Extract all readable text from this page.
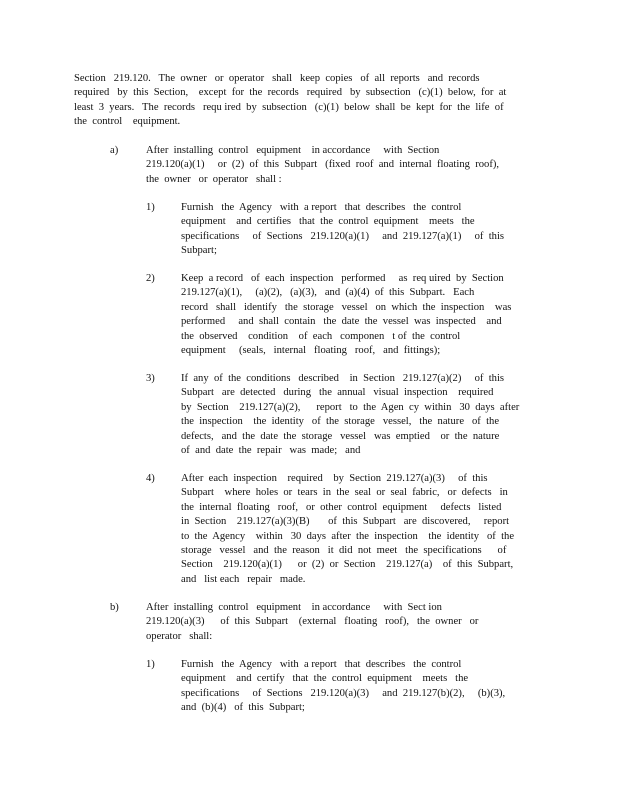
Section   219.120.   The  owner   or  operator   shall   keep  copies   of  all  reports   and  records
required   by  this  Section,    except  for  the  records   required   by  subsection   (c)(1)  below,  for  at
least  3  years.   The  records   requ ired  by  subsection   (c)(1)  below  shall  be  kept  for  the  life  of
the  control    equipment.
a)	After  installing  control   equipment    in accordance     with  Section
219.120(a)(1)     or  (2)  of  this  Subpart   (fixed  roof  and  internal  floating  roof),
the  owner   or  operator   shall :
1) Furnish   the  Agency   with  a report   that  describes   the  control
equipment    and  certifies   that  the  control  equipment    meets   the
specifications     of  Sections   219.120(a)(1)     and  219.127(a)(1)     of  this
Subpart;
2) Keep  a record   of  each  inspection   performed     as  req uired  by  Section
219.127(a)(1),     (a)(2),   (a)(3),   and  (a)(4)  of  this  Subpart.   Each
record   shall   identify   the  storage   vessel   on  which  the  inspection    was
performed     and  shall  contain   the  date  the  vessel  was  inspected    and
the  observed    condition    of  each   componen   t of  the  control
equipment     (seals,   internal   floating   roof,   and  fittings);
3) If  any  of  the  conditions   described    in  Section   219.127(a)(2)     of  this
Subpart   are  detected   during   the  annual   visual  inspection    required
by  Section    219.127(a)(2),      report   to  the  Agen  cy  within   30  days  after
the  inspection    the  identity   of  the  storage   vessel,   the  nature   of  the
defects,   and  the  date  the  storage   vessel   was  emptied    or  the  nature
of  and  date  the  repair   was  made;   and
4) After  each  inspection    required    by  Section  219.127(a)(3)     of  this
Subpart    where  holes  or  tears  in  the  seal  or  seal  fabric,   or  defects   in
the  internal  floating   roof,   or  other  control  equipment     defects   listed
in  Section    219.127(a)(3)(B)       of  this  Subpart   are  discovered,     report
to  the  Agency    within   30  days  after  the  inspection    the  identity   of  the
storage   vessel   and  the  reason   it  did  not  meet   the  specifications      of
Section    219.120(a)(1)      or  (2)  or  Section    219.127(a)    of  this  Subpart,
and   list each   repair   made.
b)	After  installing  control   equipment    in accordance     with  Sect ion
219.120(a)(3)      of  this  Subpart    (external   floating   roof),   the  owner   or
operator   shall:
1) Furnish   the  Agency   with  a report   that  describes   the  control
equipment    and  certify   that  the  control  equipment    meets   the
specifications     of  Sections   219.120(a)(3)     and  219.127(b)(2),     (b)(3),
and  (b)(4)   of  this  Subpart;
